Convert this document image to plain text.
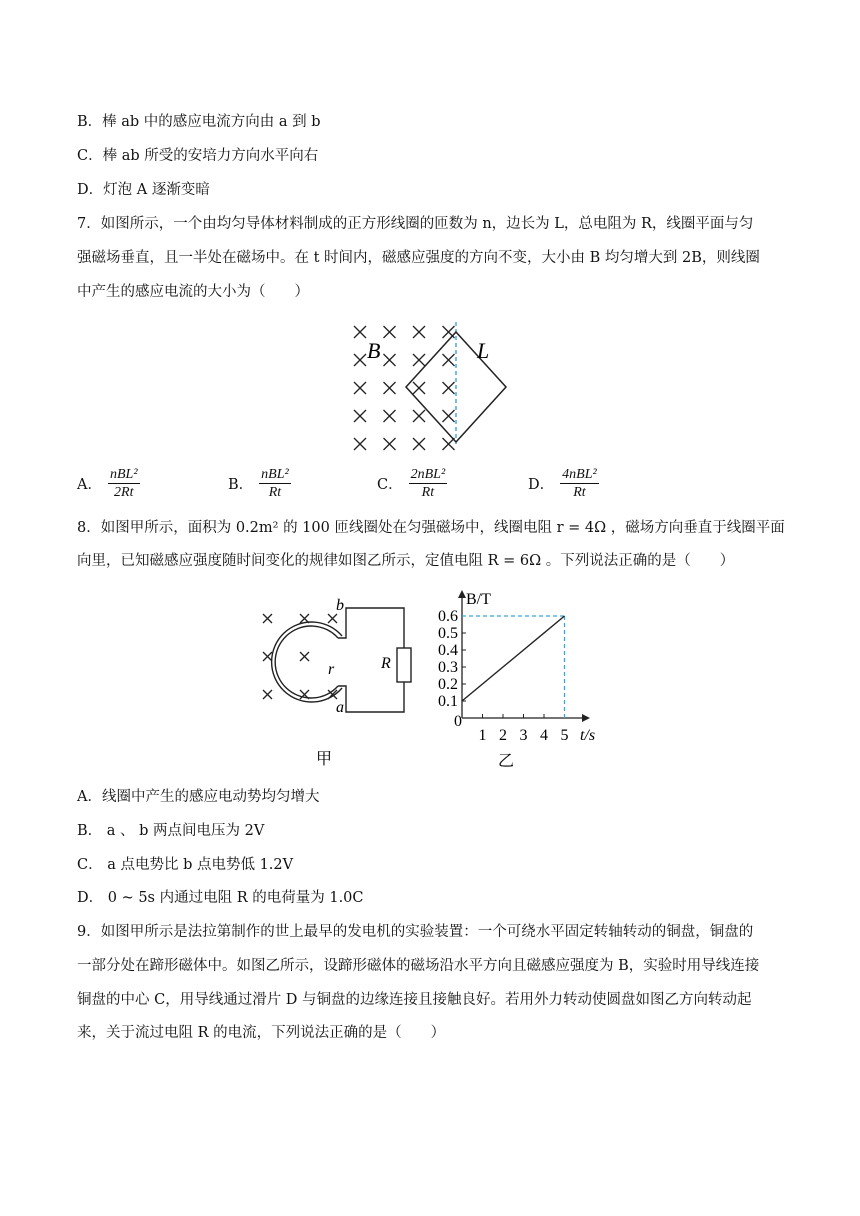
B．棒 ab 中的感应电流方向由 a 到 b
C．棒 ab 所受的安培力方向水平向右
D．灯泡 A 逐渐变暗
7．如图所示，一个由均匀导体材料制成的正方形线圈的匝数为 n，边长为 L，总电阻为 R，线圈平面与匀
强磁场垂直，且一半处在磁场中。在 t 时间内，磁感应强度的方向不变，大小由 B 均匀增大到 2B，则线圈
中产生的感应电流的大小为（　　）
B	L
A． $\frac{\text{nBL²}}{2Rt}$	B． $\frac{\text{nBL²}}{Rt}$	C． $\frac{\text{2nBL²}}{Rt}$	D． $\frac{\text{4nBL²}}{Rt}$
8．如图甲所示，面积为 0.2m² 的 100 匝线圈处在匀强磁场中，线圈电阻 r = 4Ω ，磁场方向垂直于线圈平面
向里，已知磁感应强度随时间变化的规律如图乙所示，定值电阻 R = 6Ω 。下列说法正确的是（　　）
b
a
r	R
甲
B/T
t/s
0
0.1
0.2
0.3
0.4
0.5
0.6
1 2 3 4 5
乙
A．线圈中产生的感应电动势均匀增大
B． a 、 b 两点间电压为 2V
C． a 点电势比 b 点电势低 1.2V
D． 0 ~ 5s 内通过电阻 R 的电荷量为 1.0C
9．如图甲所示是法拉第制作的世上最早的发电机的实验装置：一个可绕水平固定转轴转动的铜盘，铜盘的
一部分处在蹄形磁体中。如图乙所示，设蹄形磁体的磁场沿水平方向且磁感应强度为 B，实验时用导线连接
铜盘的中心 C，用导线通过滑片 D 与铜盘的边缘连接且接触良好。若用外力转动使圆盘如图乙方向转动起
来，关于流过电阻 R 的电流，下列说法正确的是（　　）
